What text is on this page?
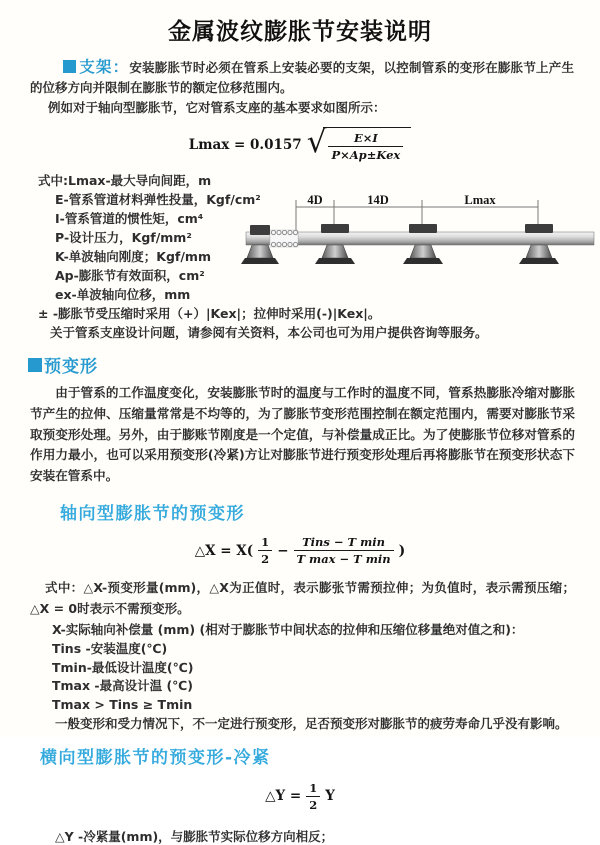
金属波纹膨胀节安装说明

支架：安装膨胀节时必须在管系上安装必要的支架，以控制管系的变形在膨胀节上产生的位移方向并限制在膨胀节的额定位移范围内。

例如对于轴向型膨胀节，它对管系支座的基本要求如图所示：

Lmax = 0.0157 √ $\frac{E\times I}{\text{P×Ap±Kex}}$
式中:Lmax-最大导向间距，m
E-管系管道材料弹性投量，Kgf/cm²
I-管系管道的惯性矩，cm⁴
P-设计压力，Kgf/mm²
K-单波轴向刚度；Kgf/mm
Ap-膨胀节有效面积，cm²
ex-单波轴向位移，mm
± -膨胀节受压缩时采用（+）|Kex|；拉伸时采用(-)|Kex|。
关于管系支座设计问题，请参阅有关资料，本公司也可为用户提供咨询等服务。
4D	14D	Lmax
预变形

由于管系的工作温度变化，安装膨胀节时的温度与工作时的温度不同，管系热膨胀冷缩对膨胀节产生的拉伸、压缩量常常是不均等的，为了膨胀节变形范围控制在额定范围内，需要对膨胀节采取预变形处理。另外，由于膨账节刚度是一个定值，与补偿量成正比。为了使膨胀节位移对管系的作用力最小，也可以采用预变形(冷紧)方让对膨胀节进行预变形处理后再将膨胀节在预变形状态下安装在管系中。

轴向型膨胀节的预变形
△X = $X( \frac{1}{2} - \frac{\text{Tins − T min}}{\text{T max − T min}}$ )

式中：△X-预变形量(mm)，△X为正值时，表示膨张节需预拉伸；为负值时，表示需预压缩；△X = 0时表示不需预变形。

X-实际轴向补偿量 (mm) (相对于膨胀节中间状态的拉伸和压缩位移量绝对值之和)：
Tins -安装温度(℃)
Tmin-最低设计温度(℃)
Tmax -最高设计温 (℃)
Tmax > Tins ≥ Tmin

一般变形和受力情况下，不一定进行预变形，足否预变形对膨胀节的疲劳寿命几乎没有影响。

横向型膨胀节的预变形-冷紧
△Y = $\frac{1}{2}$ Y

△Y -冷紧量(mm)，与膨胀节实际位移方向相反；
